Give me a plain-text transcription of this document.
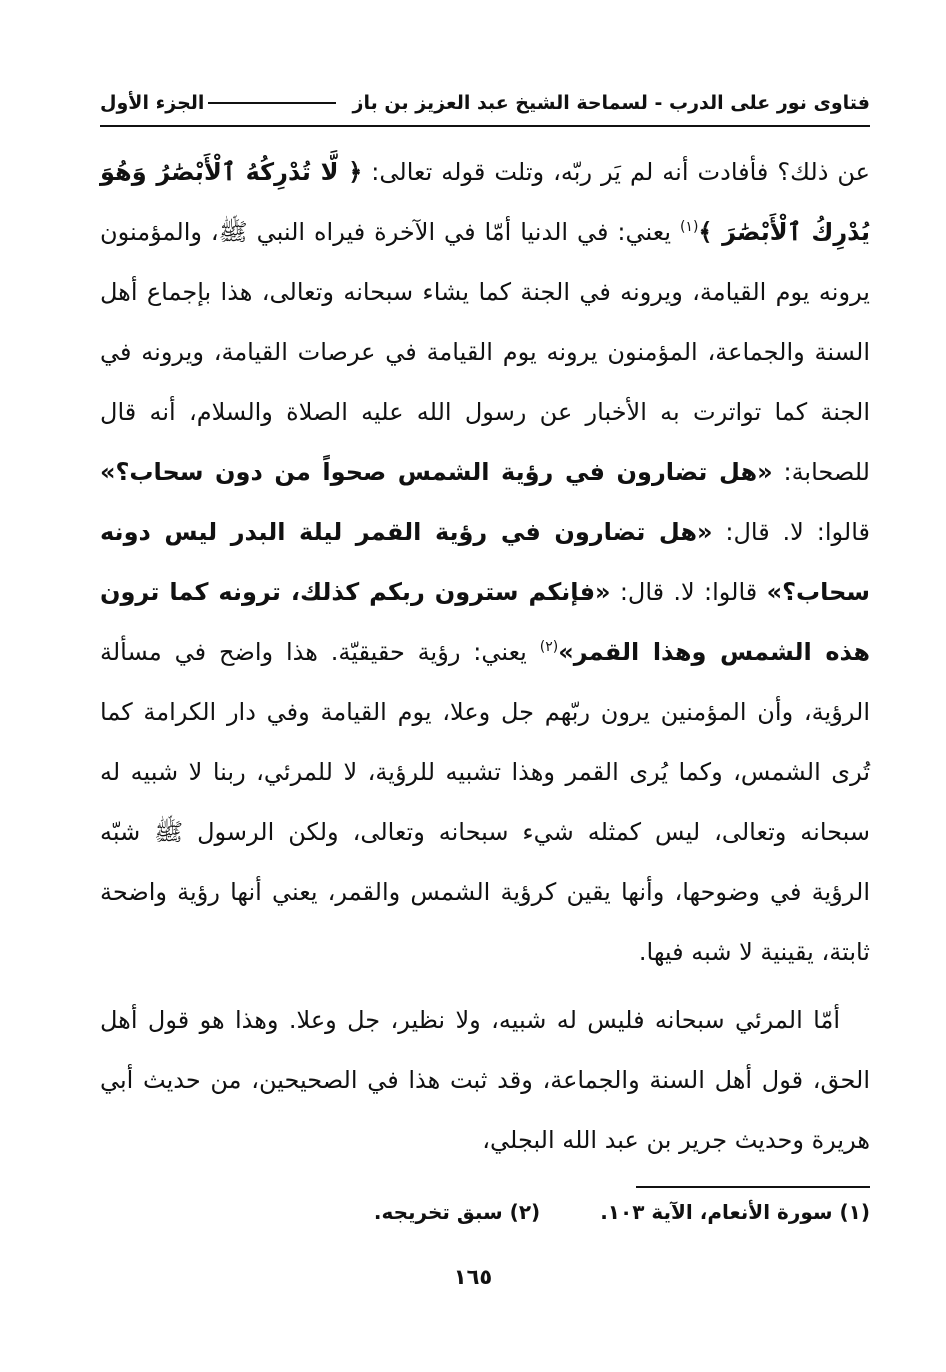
فتاوى نور على الدرب - لسماحة الشيخ عبد العزيز بن باز
الجزء الأول

عن ذلك؟ فأفادت أنه لم يَر ربّه، وتلت قوله تعالى: ﴿ لَّا تُدْرِكُهُ ٱلْأَبْصَٰرُ وَهُوَ يُدْرِكُ ٱلْأَبْصَٰرَ ﴾$^{(١)}$ يعني: في الدنيا أمّا في الآخرة فيراه النبي ﷺ، والمؤمنون يرونه يوم القيامة، ويرونه في الجنة كما يشاء سبحانه وتعالى، هذا بإجماع أهل السنة والجماعة، المؤمنون يرونه يوم القيامة في عرصات القيامة، ويرونه في الجنة كما تواترت به الأخبار عن رسول الله عليه الصلاة والسلام، أنه قال للصحابة: «هل تضارون في رؤية الشمس صحواً من دون سحاب؟» قالوا: لا. قال: «هل تضارون في رؤية القمر ليلة البدر ليس دونه سحاب؟» قالوا: لا. قال: «فإنكم سترون ربكم كذلك، ترونه كما ترون هذه الشمس وهذا القمر»$^{(٢)}$ يعني: رؤية حقيقيّة. هذا واضح في مسألة الرؤية، وأن المؤمنين يرون ربّهم جل وعلا، يوم القيامة وفي دار الكرامة كما تُرى الشمس، وكما يُرى القمر وهذا تشبيه للرؤية، لا للمرئي، ربنا لا شبيه له سبحانه وتعالى، ليس كمثله شيء سبحانه وتعالى، ولكن الرسول ﷺ شبّه الرؤية في وضوحها، وأنها يقين كرؤية الشمس والقمر، يعني أنها رؤية واضحة ثابتة، يقينية لا شبه فيها.

أمّا المرئي سبحانه فليس له شبيه، ولا نظير، جل وعلا. وهذا هو قول أهل الحق، قول أهل السنة والجماعة، وقد ثبت هذا في الصحيحين، من حديث أبي هريرة وحديث جرير بن عبد الله البجلي،

(١) سورة الأنعام، الآية ١٠٣.(٢) سبق تخريجه.
١٦٥
